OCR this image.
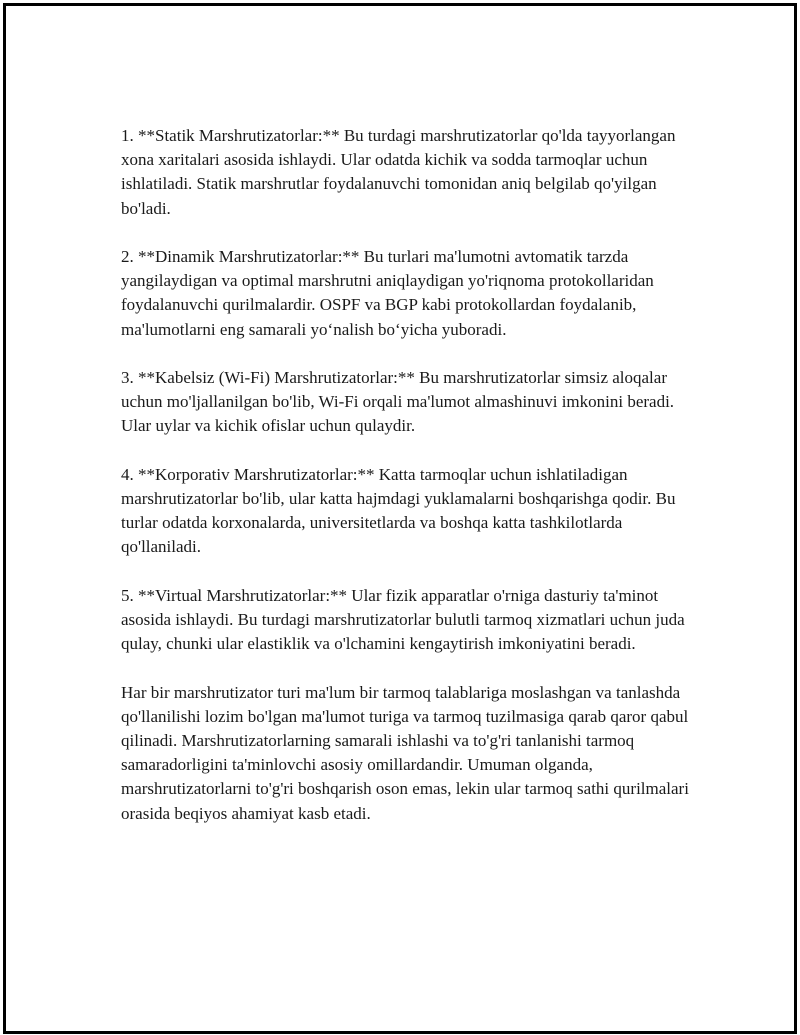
1. **Statik Marshrutizatorlar:** Bu turdagi marshrutizatorlar qo'lda tayyorlangan xona xaritalari asosida ishlaydi. Ular odatda kichik va sodda tarmoqlar uchun ishlatiladi. Statik marshrutlar foydalanuvchi tomonidan aniq belgilab qo'yilgan bo'ladi.

2. **Dinamik Marshrutizatorlar:** Bu turlari ma'lumotni avtomatik tarzda yangilaydigan va optimal marshrutni aniqlaydigan yo'riqnoma protokollaridan foydalanuvchi qurilmalardir. OSPF va BGP kabi protokollardan foydalanib, ma'lumotlarni eng samarali yo‘nalish bo‘yicha yuboradi.

3. **Kabelsiz (Wi-Fi) Marshrutizatorlar:** Bu marshrutizatorlar simsiz aloqalar uchun mo'ljallanilgan bo'lib, Wi-Fi orqali ma'lumot almashinuvi imkonini beradi. Ular uylar va kichik ofislar uchun qulaydir.

4. **Korporativ Marshrutizatorlar:** Katta tarmoqlar uchun ishlatiladigan marshrutizatorlar bo'lib, ular katta hajmdagi yuklamalarni boshqarishga qodir. Bu turlar odatda korxonalarda, universitetlarda va boshqa katta tashkilotlarda qo'llaniladi.

5. **Virtual Marshrutizatorlar:** Ular fizik apparatlar o'rniga dasturiy ta'minot asosida ishlaydi. Bu turdagi marshrutizatorlar bulutli tarmoq xizmatlari uchun juda qulay, chunki ular elastiklik va o'lchamini kengaytirish imkoniyatini beradi.

Har bir marshrutizator turi ma'lum bir tarmoq talablariga moslashgan va tanlashda qo'llanilishi lozim bo'lgan ma'lumot turiga va tarmoq tuzilmasiga qarab qaror qabul qilinadi. Marshrutizatorlarning samarali ishlashi va to'g'ri tanlanishi tarmoq samaradorligini ta'minlovchi asosiy omillardandir. Umuman olganda, marshrutizatorlarni to'g'ri boshqarish oson emas, lekin ular tarmoq sathi qurilmalari orasida beqiyos ahamiyat kasb etadi.
